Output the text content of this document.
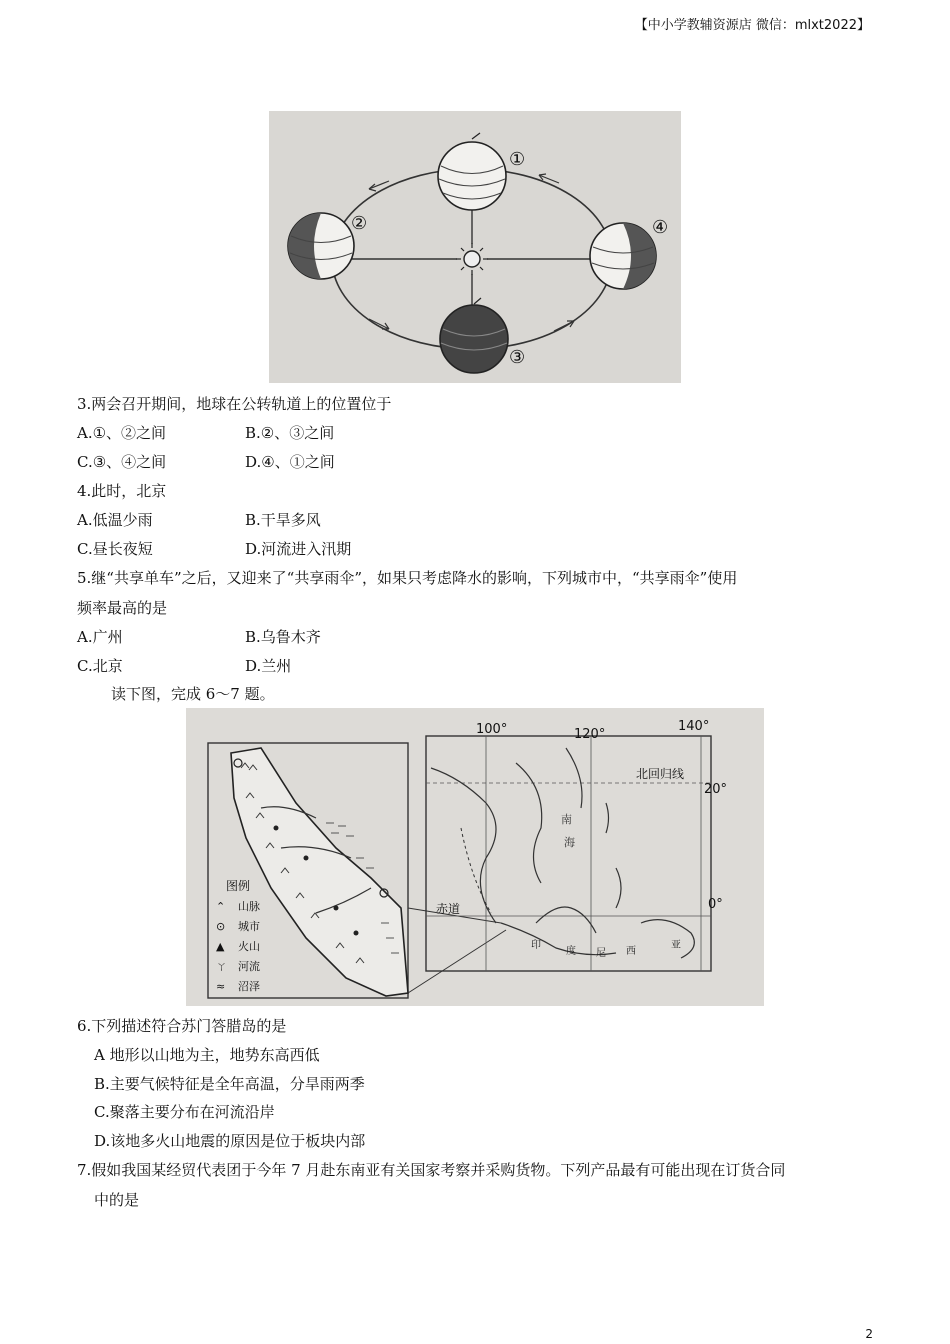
【中小学教辅资源店 微信：mlxt2022】
①
②
③
④
3.两会召开期间，地球在公转轨道上的位置位于
A.①、②之间	B.②、③之间
C.③、④之间	D.④、①之间
4.此时，北京
A.低温少雨	B.干旱多风
C.昼长夜短	D.河流进入汛期
5.继“共享单车”之后，又迎来了“共享雨伞”，如果只考虑降水的影响，下列城市中，“共享雨伞”使用
频率最高的是
A.广州	B.乌鲁木齐
C.北京	D.兰州
读下图，完成 6～7 题。
图例
⌃ 山脉
⊙ 城市
▲ 火山
ㄚ 河流
≈ 沼泽
100°	120°
140°
20°
0°
北回归线
赤道
南
海
印
度 尼 西
亚
6.下列描述符合苏门答腊岛的是
A 地形以山地为主，地势东高西低
B.主要气候特征是全年高温，分旱雨两季
C.聚落主要分布在河流沿岸
D.该地多火山地震的原因是位于板块内部
7.假如我国某经贸代表团于今年 7 月赴东南亚有关国家考察并采购货物。下列产品最有可能出现在订货合同
中的是
2
